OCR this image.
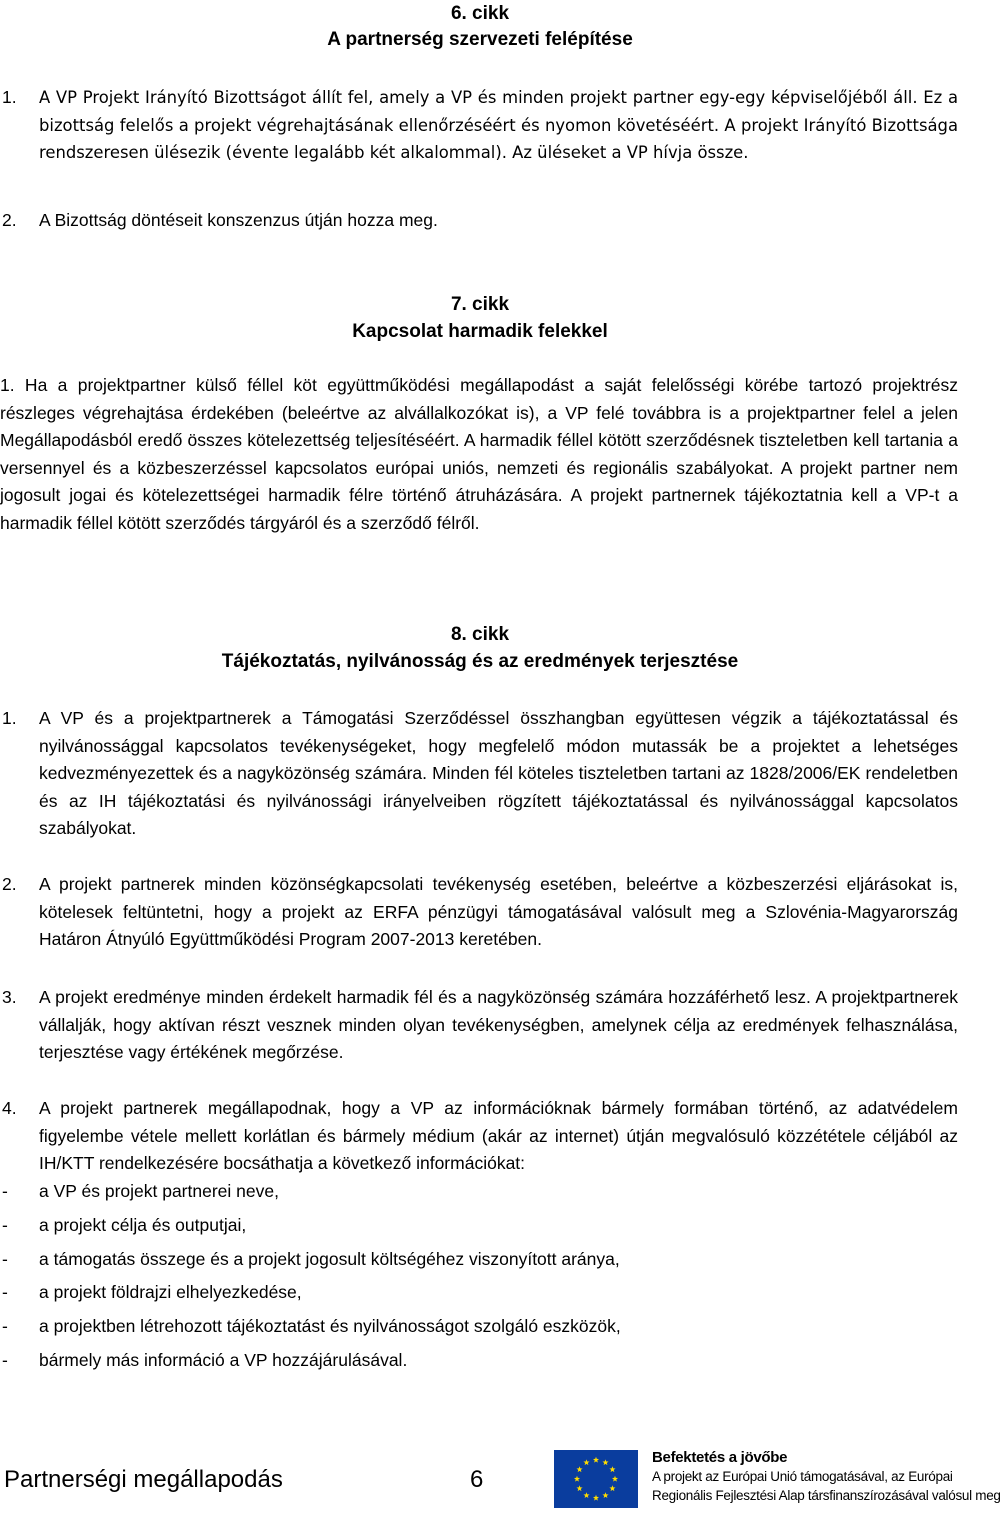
6. cikk
A partnerség szervezeti felépítése
1. A VP Projekt Irányító Bizottságot állít fel, amely a VP és minden projekt partner egy-egy képviselőjéből áll. Ez a bizottság felelős a projekt végrehajtásának ellenőrzéséért és nyomon követéséért. A projekt Irányító Bizottsága rendszeresen ülésezik (évente legalább két alkalommal). Az üléseket a VP hívja össze.
2. A Bizottság döntéseit konszenzus útján hozza meg.
7. cikk
Kapcsolat harmadik felekkel
1. Ha a projektpartner külső féllel köt együttműködési megállapodást a saját felelősségi körébe tartozó projektrész részleges végrehajtása érdekében (beleértve az alvállalkozókat is), a VP felé továbbra is a projektpartner felel a jelen Megállapodásból eredő összes kötelezettség teljesítéséért. A harmadik féllel kötött szerződésnek tiszteletben kell tartania a versennyel és a közbeszerzéssel kapcsolatos európai uniós, nemzeti és regionális szabályokat. A projekt partner nem jogosult jogai és kötelezettségei harmadik félre történő átruházására. A projekt partnernek tájékoztatnia kell a VP-t a harmadik féllel kötött szerződés tárgyáról és a szerződő félről.
8. cikk
Tájékoztatás, nyilvánosság és az eredmények terjesztése
1. A VP és a projektpartnerek a Támogatási Szerződéssel összhangban együttesen végzik a tájékoztatással és nyilvánossággal kapcsolatos tevékenységeket, hogy megfelelő módon mutassák be a projektet a lehetséges kedvezményezettek és a nagyközönség számára. Minden fél köteles tiszteletben tartani az 1828/2006/EK rendeletben és az IH tájékoztatási és nyilvánossági irányelveiben rögzített tájékoztatással és nyilvánossággal kapcsolatos szabályokat.
2. A projekt partnerek minden közönségkapcsolati tevékenység esetében, beleértve a közbeszerzési eljárásokat is, kötelesek feltüntetni, hogy a projekt az ERFA pénzügyi támogatásával valósult meg a Szlovénia-Magyarország Határon Átnyúló Együttműködési Program 2007-2013 keretében.
3. A projekt eredménye minden érdekelt harmadik fél és a nagyközönség számára hozzáférhető lesz. A projektpartnerek vállalják, hogy aktívan részt vesznek minden olyan tevékenységben, amelynek célja az eredmények felhasználása, terjesztése vagy értékének megőrzése.
4. A projekt partnerek megállapodnak, hogy a VP az információknak bármely formában történő, az adatvédelem figyelembe vétele mellett korlátlan és bármely médium (akár az internet) útján megvalósuló közzététele céljából az IH/KTT rendelkezésére bocsáthatja a következő információkat:
- a VP és projekt partnerei neve,
- a projekt célja és outputjai,
- a támogatás összege és a projekt jogosult költségéhez viszonyított aránya,
- a projekt földrajzi elhelyezkedése,
- a projektben létrehozott tájékoztatást és nyilvánosságot szolgáló eszközök,
- bármely más információ a VP hozzájárulásával.
Partnerségi megállapodás	6
Befektetés a jövőbe
A projekt az Európai Unió támogatásával, az Európai
Regionális Fejlesztési Alap társfinanszírozásával valósul meg
